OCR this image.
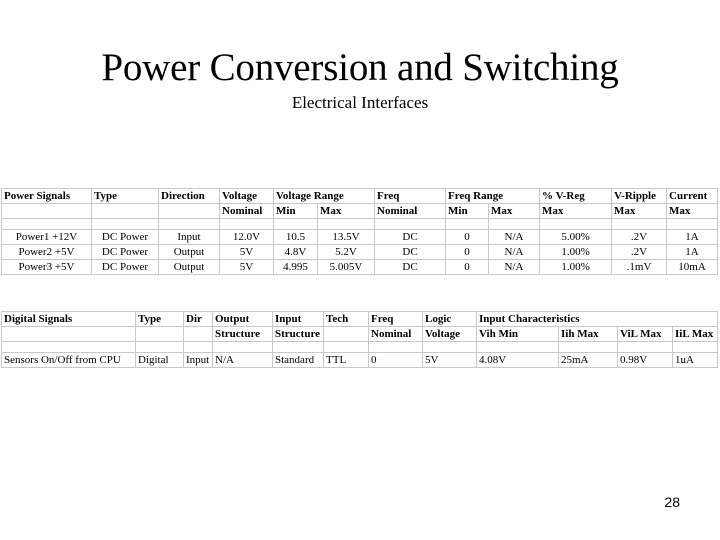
Power Conversion and Switching
Electrical Interfaces
Power Signals	Type	Direction	Voltage	Voltage Range		Freq	Freq Range		% V-Reg	V-Ripple	Current
			Nominal	Min	Max	Nominal	Min	Max	Max	Max	Max

Power1 +12V	DC Power	Input	12.0V	10.5	13.5V	DC	0	N/A	5.00%	.2V	1A
Power2 +5V	DC Power	Output	5V	4.8V	5.2V	DC	0	N/A	1.00%	.2V	1A
Power3 +5V	DC Power	Output	5V	4.995	5.005V	DC	0	N/A	1.00%	.1mV	10mA
Digital Signals	Type	Dir	Output	Input	Tech	Freq	Logic	Input Characteristics			
			Structure	Structure		Nominal	Voltage	Vih Min	Iih Max	ViL Max	IiL Max

Sensors On/Off from CPU	Digital	Input	N/A	Standard	TTL	0	5V	4.08V	25mA	0.98V	1uA
28
